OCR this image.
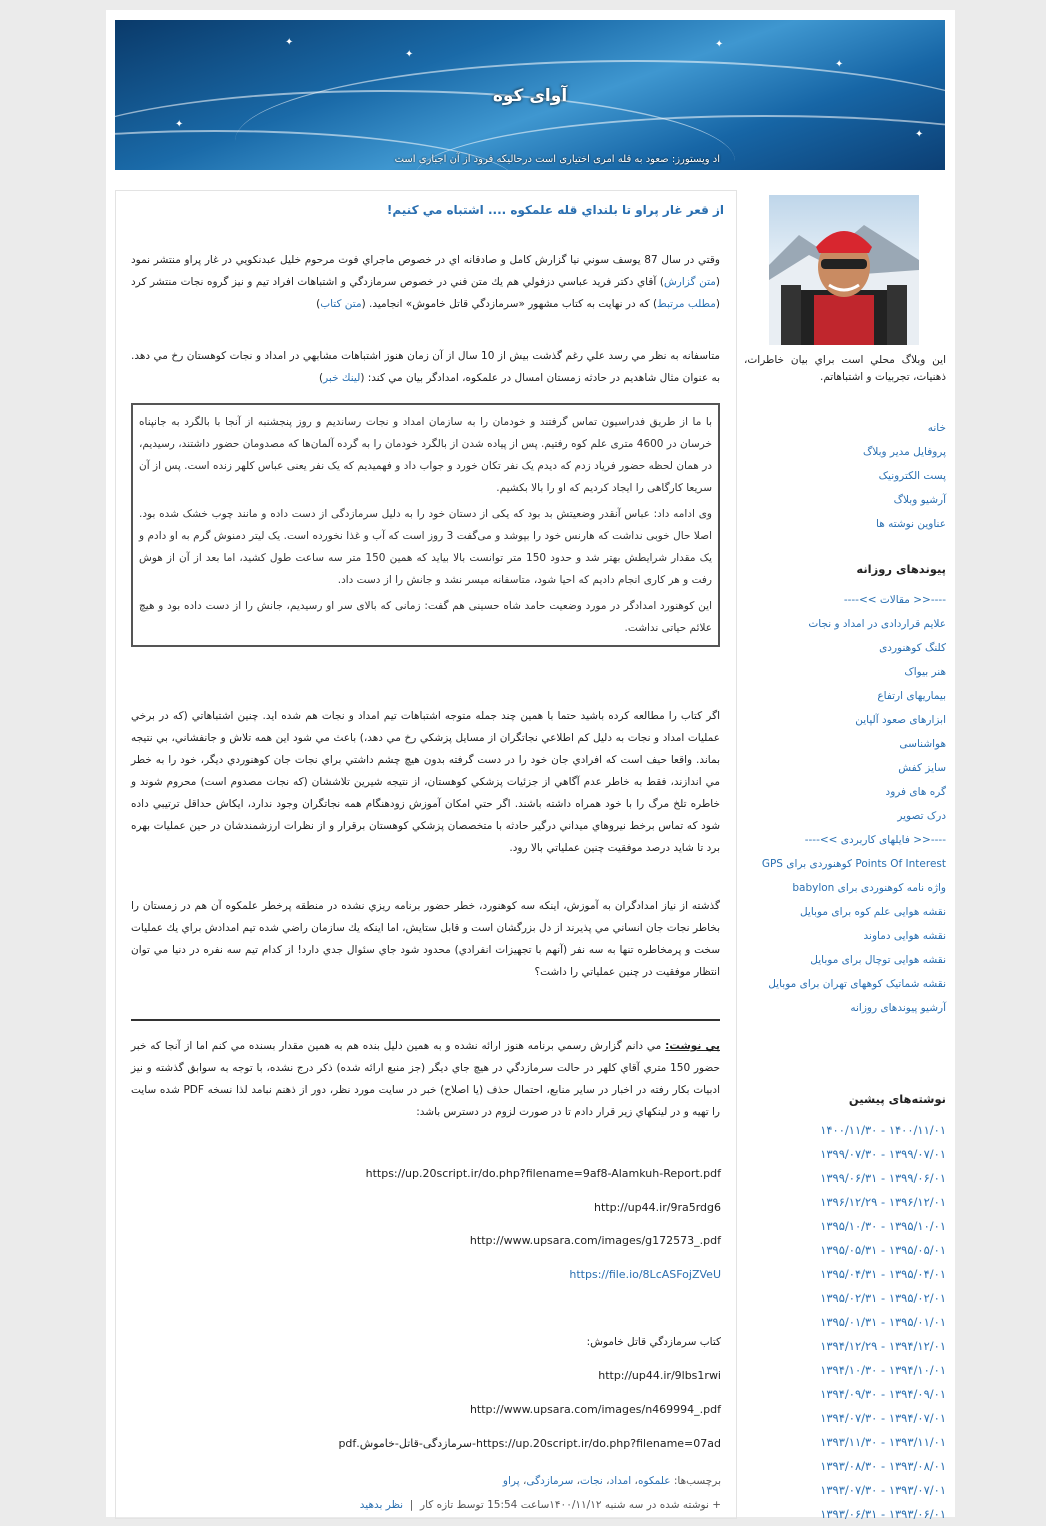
✦
✦
✦
✦
✦
✦
آوای کوه
اد ویستورز: صعود به قله امری اختیاری است درحالیکه فرود از آن اجباری است
از قعر غار پراو تا بلنداي قله علمكوه .... اشتباه مي كنيم!
وقتي در سال 87 يوسف سوني نيا گزارش كامل و صادقانه اي در خصوص ماجراي فوت مرحوم خليل عبدنكويي در غار پراو منتشر نمود (متن گزارش) آقاي دكتر فريد عباسي دزفولي هم يك متن فني در خصوص سرمازدگي و اشتباهات افراد تيم و نيز گروه نجات منتشر كرد (مطلب مرتبط) كه در نهايت به كتاب مشهور «سرمازدگي قاتل خاموش» انجاميد. (متن كتاب)
متاسفانه به نظر مي رسد علي رغم گذشت بيش از 10 سال از آن زمان هنوز اشتباهات مشابهي در امداد و نجات كوهستان رخ مي دهد. به عنوان مثال شاهديم در حادثه زمستان امسال در علمكوه، امدادگر بيان مي كند: (لينك خبر)

با ما از طریق فدراسیون تماس گرفتند و خودمان را به سازمان امداد و نجات رساندیم و روز پنجشنبه از آنجا با بالگرد به جانپناه خرسان در 4600 متری علم کوه رفتیم. پس از پیاده شدن از بالگرد خودمان را به گرده آلمان‌ها که مصدومان حضور داشتند، رسیدیم، در همان لحظه حضور فریاد زدم که دیدم یک نفر تکان خورد و جواب داد و فهمیدیم که یک نفر یعنی عباس کلهر زنده است. پس از آن سریعا کارگاهی را ایجاد کردیم که او را بالا بکشیم.

وی ادامه داد: عباس آنقدر وضعیتش بد بود که یکی از دستان خود را به دلیل سرمازدگی از دست داده و مانند چوب خشک شده بود. اصلا حال خوبی نداشت که هارنس خود را بپوشد و می‌گفت 3 روز است که آب و غذا نخورده است. یک لیتر دمنوش گرم به او دادم و یک مقدار شرایطش بهتر شد و حدود 150 متر توانست بالا بیاید که همین 150 متر سه ساعت طول کشید، اما بعد از آن از هوش رفت و هر کاری انجام دادیم که احیا شود، متاسفانه میسر نشد و جانش را از دست داد.

این کوهنورد امدادگر در مورد وضعیت حامد شاه حسینی هم گفت: زمانی که بالای سر او رسیدیم، جانش را از دست داده بود و هیچ علائم حیاتی نداشت.

اگر كتاب را مطالعه كرده باشيد حتما با همين چند جمله متوجه اشتباهات تيم امداد و نجات هم شده ايد. چنين اشتباهاتي (كه در برخي عمليات امداد و نجات به دليل كم اطلاعي نجاتگران از مسايل پزشكي رخ مي دهد،) باعث مي شود اين همه تلاش و جانفشاني، بي نتيجه بماند. واقعا حيف است كه افرادي جان خود را در دست گرفته بدون هيچ چشم داشتي براي نجات جان كوهنوردي ديگر، خود را به خطر مي اندازند، فقط به خاطر عدم آگاهي از جزئيات پزشكي كوهستان، از نتيجه شيرين تلاششان (كه نجات مصدوم است) محروم شوند و خاطره تلخ مرگ را با خود همراه داشته باشند. اگر حتي امكان آموزش زودهنگام همه نجاتگران وجود ندارد، ايكاش حداقل ترتيبي داده شود كه تماس برخط نيروهاي ميداني درگير حادثه با متخصصان پزشكي كوهستان برقرار و از نظرات ارزشمندشان در حين عمليات بهره برد تا شايد درصد موفقيت چنين عملياتي بالا رود.
گذشته از نياز امدادگران به آموزش، اينكه سه كوهنورد، خطر حضور برنامه ريزي نشده در منطقه پرخطر علمكوه آن هم در زمستان را بخاطر نجات جان انساني مي پذيرند از دل بزرگشان است و قابل ستايش، اما اينكه يك سازمان راضي شده تيم امدادش براي يك عمليات سخت و پرمخاطره تنها به سه نفر (آنهم با تجهيزات انفرادي) محدود شود جاي سئوال جدي دارد! از كدام تيم سه نفره در دنيا مي توان انتظار موفقيت در چنين عملياتي را داشت؟
پي نوشت: مي دانم گزارش رسمي برنامه هنوز ارائه نشده و به همين دليل بنده هم به همين مقدار بسنده مي كنم اما از آنجا كه خبر حضور 150 متري آقاي كلهر در حالت سرمازدگي در هيچ جاي ديگر (جز منبع ارائه شده) ذكر درج نشده، با توجه به سوابق گذشته و نيز ادبيات بكار رفته در اخبار در ساير منابع، احتمال حذف (يا اصلاح) خبر در سايت مورد نظر، دور از ذهنم نبامد لذا نسخه PDF شده سايت را تهيه و در لينكهاي زير قرار دادم تا در صورت لزوم در دسترس باشد:
https://up.20script.ir/do.php?filename=9af8-Alamkuh-Report.pdf
http://up44.ir/9ra5rdg6
http://www.upsara.com/images/g172573_.pdf
https://file.io/8LcASFojZVeU
كتاب سرمازدگي قاتل خاموش:
http://up44.ir/9lbs1rwi
http://www.upsara.com/images/n469994_.pdf
https://up.20script.ir/do.php?filename=07ad-سرمازدگی-قاتل-خاموش.pdf
برچسب‌ها: علمکوه، امداد، نجات، سرمازدگی، پراو
+ نوشته شده در سه شنبه ۱۴۰۰/۱۱/۱۲ساعت 15:54 توسط تازه کار  |  نظر بدهید
اين وبلاگ محلي است براي بيان خاطرات، ذهنيات، تجربيات و اشتباهاتم.
خانه
پروفایل مدیر وبلاگ
پست الکترونیک
آرشیو وبلاگ
عناوین نوشته ها
پیوندهای روزانه
----<< مقالات >>----
علایم قراردادی در امداد و نجات
کلنگ کوهنوردی
هنر بیواک
بیماریهای ارتفاع
ابزارهای صعود آلپاین
هواشناسی
سایز کفش
گره های فرود
درک تصویر
----<< فایلهای کاربردی >>----
Points Of Interest کوهنوردی برای GPS
واژه نامه کوهنوردی برای babylon
نقشه هوایی علم کوه برای موبایل
نقشه هوایی دماوند
نقشه هوایی توچال برای موبایل
نقشه شماتیک کوههای تهران برای موبایل
آرشیو پیوندهای روزانه
نوشته‌های پیشین
۱۴۰۰/۱۱/۰۱ - ۱۴۰۰/۱۱/۳۰
۱۳۹۹/۰۷/۰۱ - ۱۳۹۹/۰۷/۳۰
۱۳۹۹/۰۶/۰۱ - ۱۳۹۹/۰۶/۳۱
۱۳۹۶/۱۲/۰۱ - ۱۳۹۶/۱۲/۲۹
۱۳۹۵/۱۰/۰۱ - ۱۳۹۵/۱۰/۳۰
۱۳۹۵/۰۵/۰۱ - ۱۳۹۵/۰۵/۳۱
۱۳۹۵/۰۴/۰۱ - ۱۳۹۵/۰۴/۳۱
۱۳۹۵/۰۲/۰۱ - ۱۳۹۵/۰۲/۳۱
۱۳۹۵/۰۱/۰۱ - ۱۳۹۵/۰۱/۳۱
۱۳۹۴/۱۲/۰۱ - ۱۳۹۴/۱۲/۲۹
۱۳۹۴/۱۰/۰۱ - ۱۳۹۴/۱۰/۳۰
۱۳۹۴/۰۹/۰۱ - ۱۳۹۴/۰۹/۳۰
۱۳۹۴/۰۷/۰۱ - ۱۳۹۴/۰۷/۳۰
۱۳۹۳/۱۱/۰۱ - ۱۳۹۳/۱۱/۳۰
۱۳۹۳/۰۸/۰۱ - ۱۳۹۳/۰۸/۳۰
۱۳۹۳/۰۷/۰۱ - ۱۳۹۳/۰۷/۳۰
۱۳۹۳/۰۶/۰۱ - ۱۳۹۳/۰۶/۳۱
